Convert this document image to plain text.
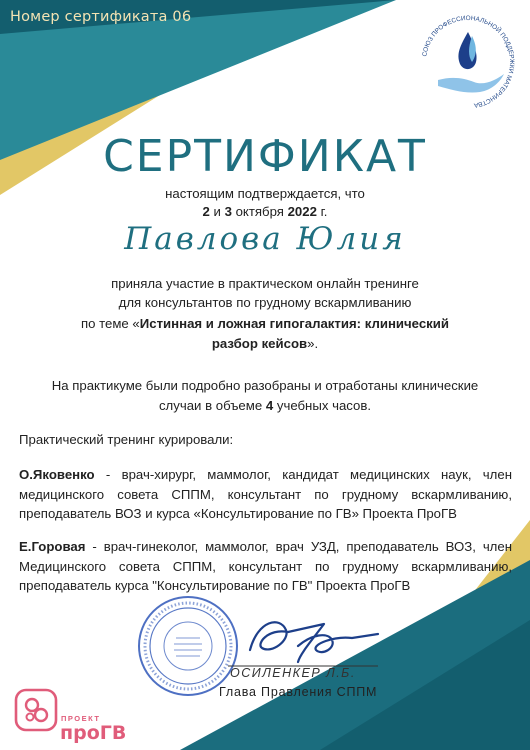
Номер сертификата 06
СОЮЗ ПРОФЕССИОНАЛЬНОЙ ПОДДЕРЖКИ МАТЕРИНСТВА
СЕРТИФИКАТ
настоящим подтверждается, что
2 и 3 октября 2022 г.
Павлова Юлия
приняла участие в практическом онлайн тренинге
для консультантов по грудному вскармливанию
по теме «Истинная и ложная гипогалактия: клинический
разбор кейсов».
На практикуме были подробно разобраны и отработаны клинические
случаи в объеме 4 учебных часов.
Практический тренинг курировали:
О.Яковенко - врач-хирург, маммолог, кандидат медицинских наук, член медицинского совета СППМ, консультант по грудному вскармливанию, преподаватель ВОЗ и курса «Консультирование по ГВ» Проекта ПроГВ
Е.Горовая - врач-гинеколог, маммолог, врач УЗД, преподаватель ВОЗ, член Медицинского совета СППМ, консультант по грудному вскармливанию, преподаватель курса "Консультирование по ГВ" Проекта ПроГВ
ОСИЛЕНКЕР Л.Б.
Глава Правления СППМ
ПРОЕКТ
проГВ
